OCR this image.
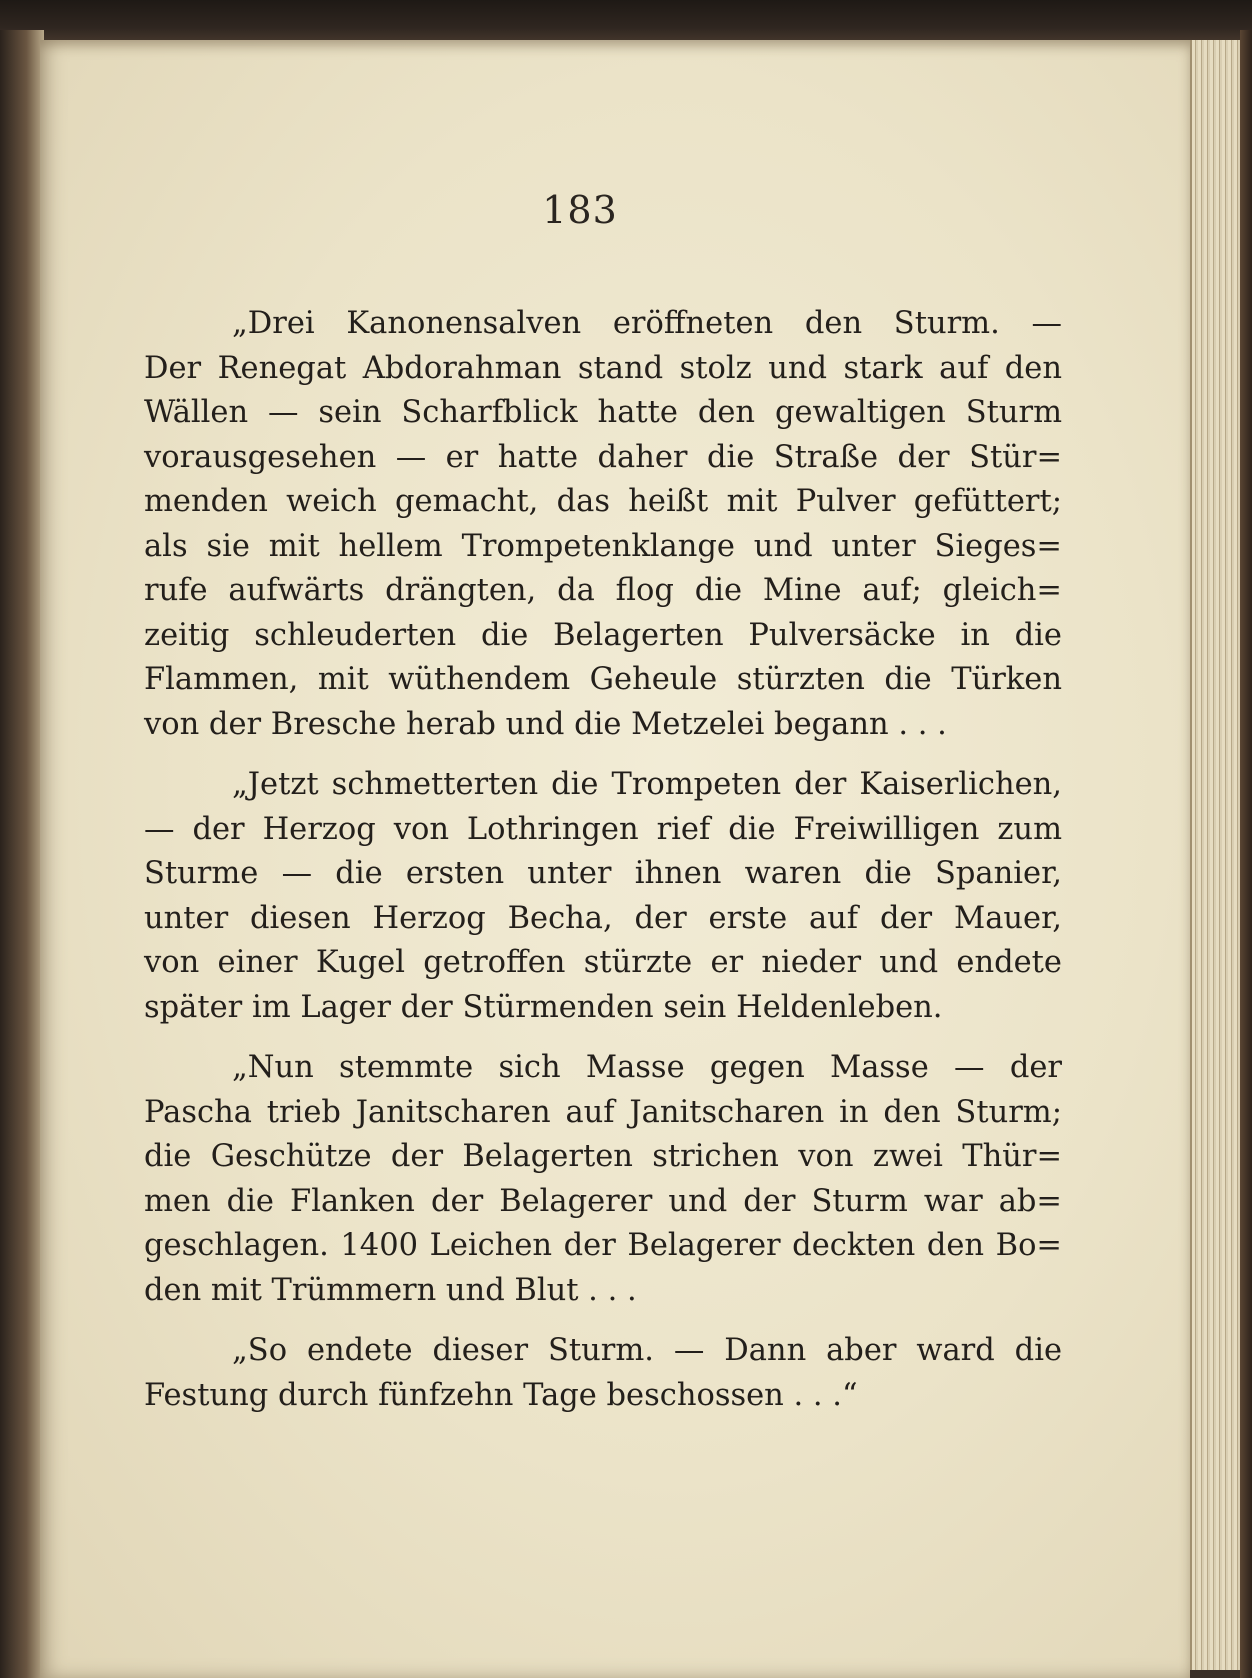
183

„Drei Kanonensalven eröffneten den Sturm. —
Der Renegat Abdorahman stand stolz und stark auf den
Wällen — sein Scharfblick hatte den gewaltigen Sturm
vorausgesehen — er hatte daher die Straße der Stür=
menden weich gemacht, das heißt mit Pulver gefüttert;
als sie mit hellem Trompetenklange und unter Sieges=
rufe aufwärts drängten, da flog die Mine auf; gleich=
zeitig schleuderten die Belagerten Pulversäcke in die
Flammen, mit wüthendem Geheule stürzten die Türken
von der Bresche herab und die Metzelei begann . . .

„Jetzt schmetterten die Trompeten der Kaiserlichen,
— der Herzog von Lothringen rief die Freiwilligen zum
Sturme — die ersten unter ihnen waren die Spanier,
unter diesen Herzog Becha, der erste auf der Mauer,
von einer Kugel getroffen stürzte er nieder und endete
später im Lager der Stürmenden sein Heldenleben.

„Nun stemmte sich Masse gegen Masse — der
Pascha trieb Janitscharen auf Janitscharen in den Sturm;
die Geschütze der Belagerten strichen von zwei Thür=
men die Flanken der Belagerer und der Sturm war ab=
geschlagen. 1400 Leichen der Belagerer deckten den Bo=
den mit Trümmern und Blut . . .

„So endete dieser Sturm. — Dann aber ward die
Festung durch fünfzehn Tage beschossen . . .“
